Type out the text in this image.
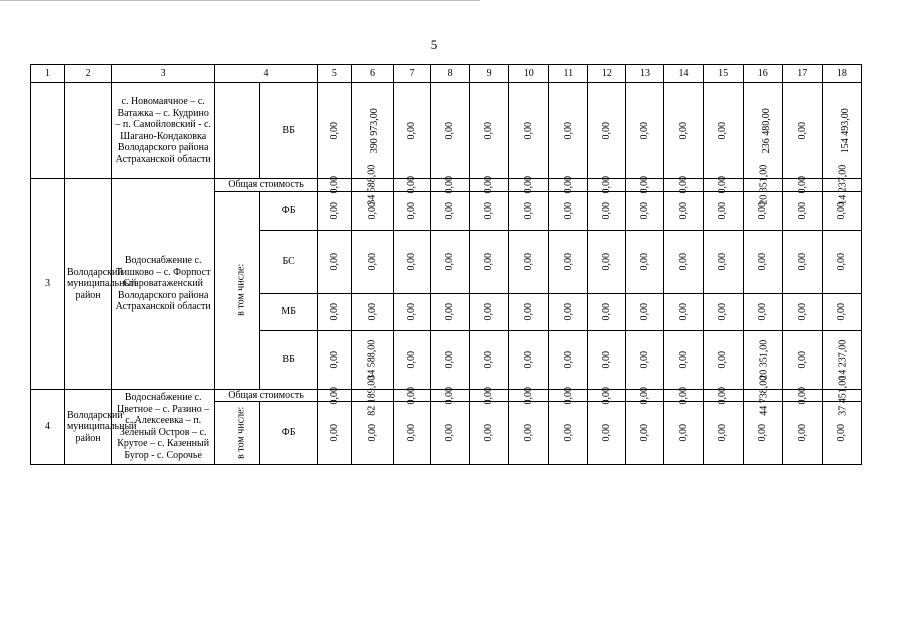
5
1	2	3	4		5	6	7	8	9	10	11	12	13	14	15	16	17	18
		с. Новомаячное – с. Ватажка – с. Кудрино – п. Самойловский - с. Шагано-Кондаковка Володарского района Астраханской области		ВБ	0,00	390 973,00	0,00	0,00	0,00	0,00	0,00	0,00	0,00	0,00	0,00	236 480,00	0,00	154 493,00
3	Володарский муниципальный район	Водоснабжение с. Тишково – с. Форпост Староватаженский Володарского района Астраханской области	Общая стоимость		0,00	34 588,00	0,00	0,00	0,00	0,00	0,00	0,00	0,00	0,00	0,00	20 351,00	0,00	14 237,00
			в том числе:	ФБ	0,00	0,00	0,00	0,00	0,00	0,00	0,00	0,00	0,00	0,00	0,00	0,00	0,00	0,00
				БС	0,00	0,00	0,00	0,00	0,00	0,00	0,00	0,00	0,00	0,00	0,00	0,00	0,00	0,00
				МБ	0,00	0,00	0,00	0,00	0,00	0,00	0,00	0,00	0,00	0,00	0,00	0,00	0,00	0,00
				ВБ	0,00	34 588,00	0,00	0,00	0,00	0,00	0,00	0,00	0,00	0,00	0,00	20 351,00	0,00	14 237,00
4	Володарский муниципальный район	Водоснабжение с. Цветное – с. Разино – с. Алексеевка – п. Зеленый Остров – с. Крутое – с. Казенный Бугор - с. Сорочье	Общая стоимость		0,00	82 189,00	0,00	0,00	0,00	0,00	0,00	0,00	0,00	0,00	0,00	44 738,00	0,00	37 451,00
			в том числе:	ФБ	0,00	0,00	0,00	0,00	0,00	0,00	0,00	0,00	0,00	0,00	0,00	0,00	0,00	0,00
